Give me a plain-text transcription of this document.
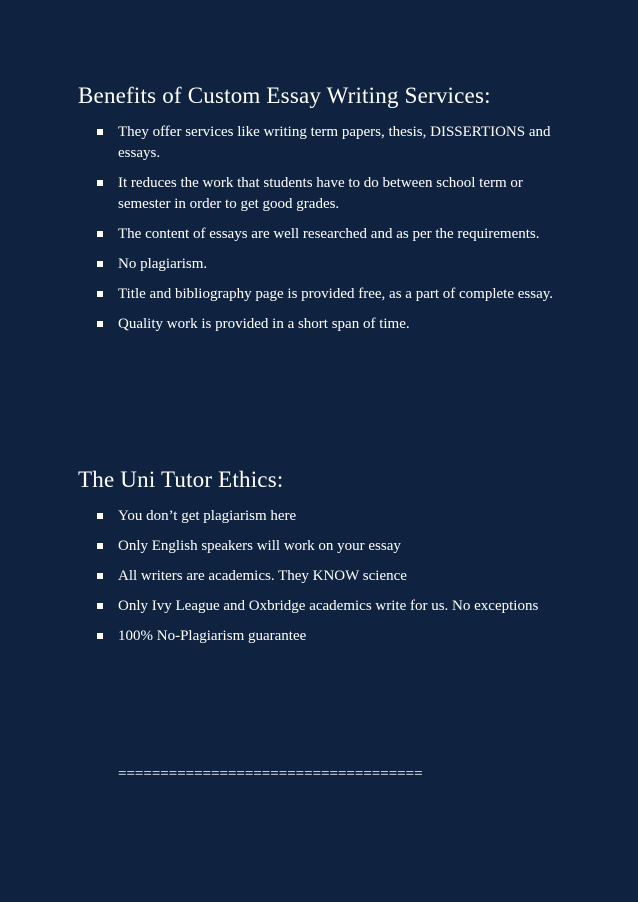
Benefits of Custom Essay Writing Services:
They offer services like writing term papers, thesis, DISSERTIONS and essays.
It reduces the work that students have to do between school term or semester in order to get good grades.
The content of essays are well researched and as per the requirements.
No plagiarism.
Title and bibliography page is provided free, as a part of complete essay.
Quality work is provided in a short span of time.
The Uni Tutor Ethics:
You don’t get plagiarism here
Only English speakers will work on your essay
All writers are academics. They KNOW science
Only Ivy League and Oxbridge academics write for us. No exceptions
100% No-Plagiarism guarantee
====================================
